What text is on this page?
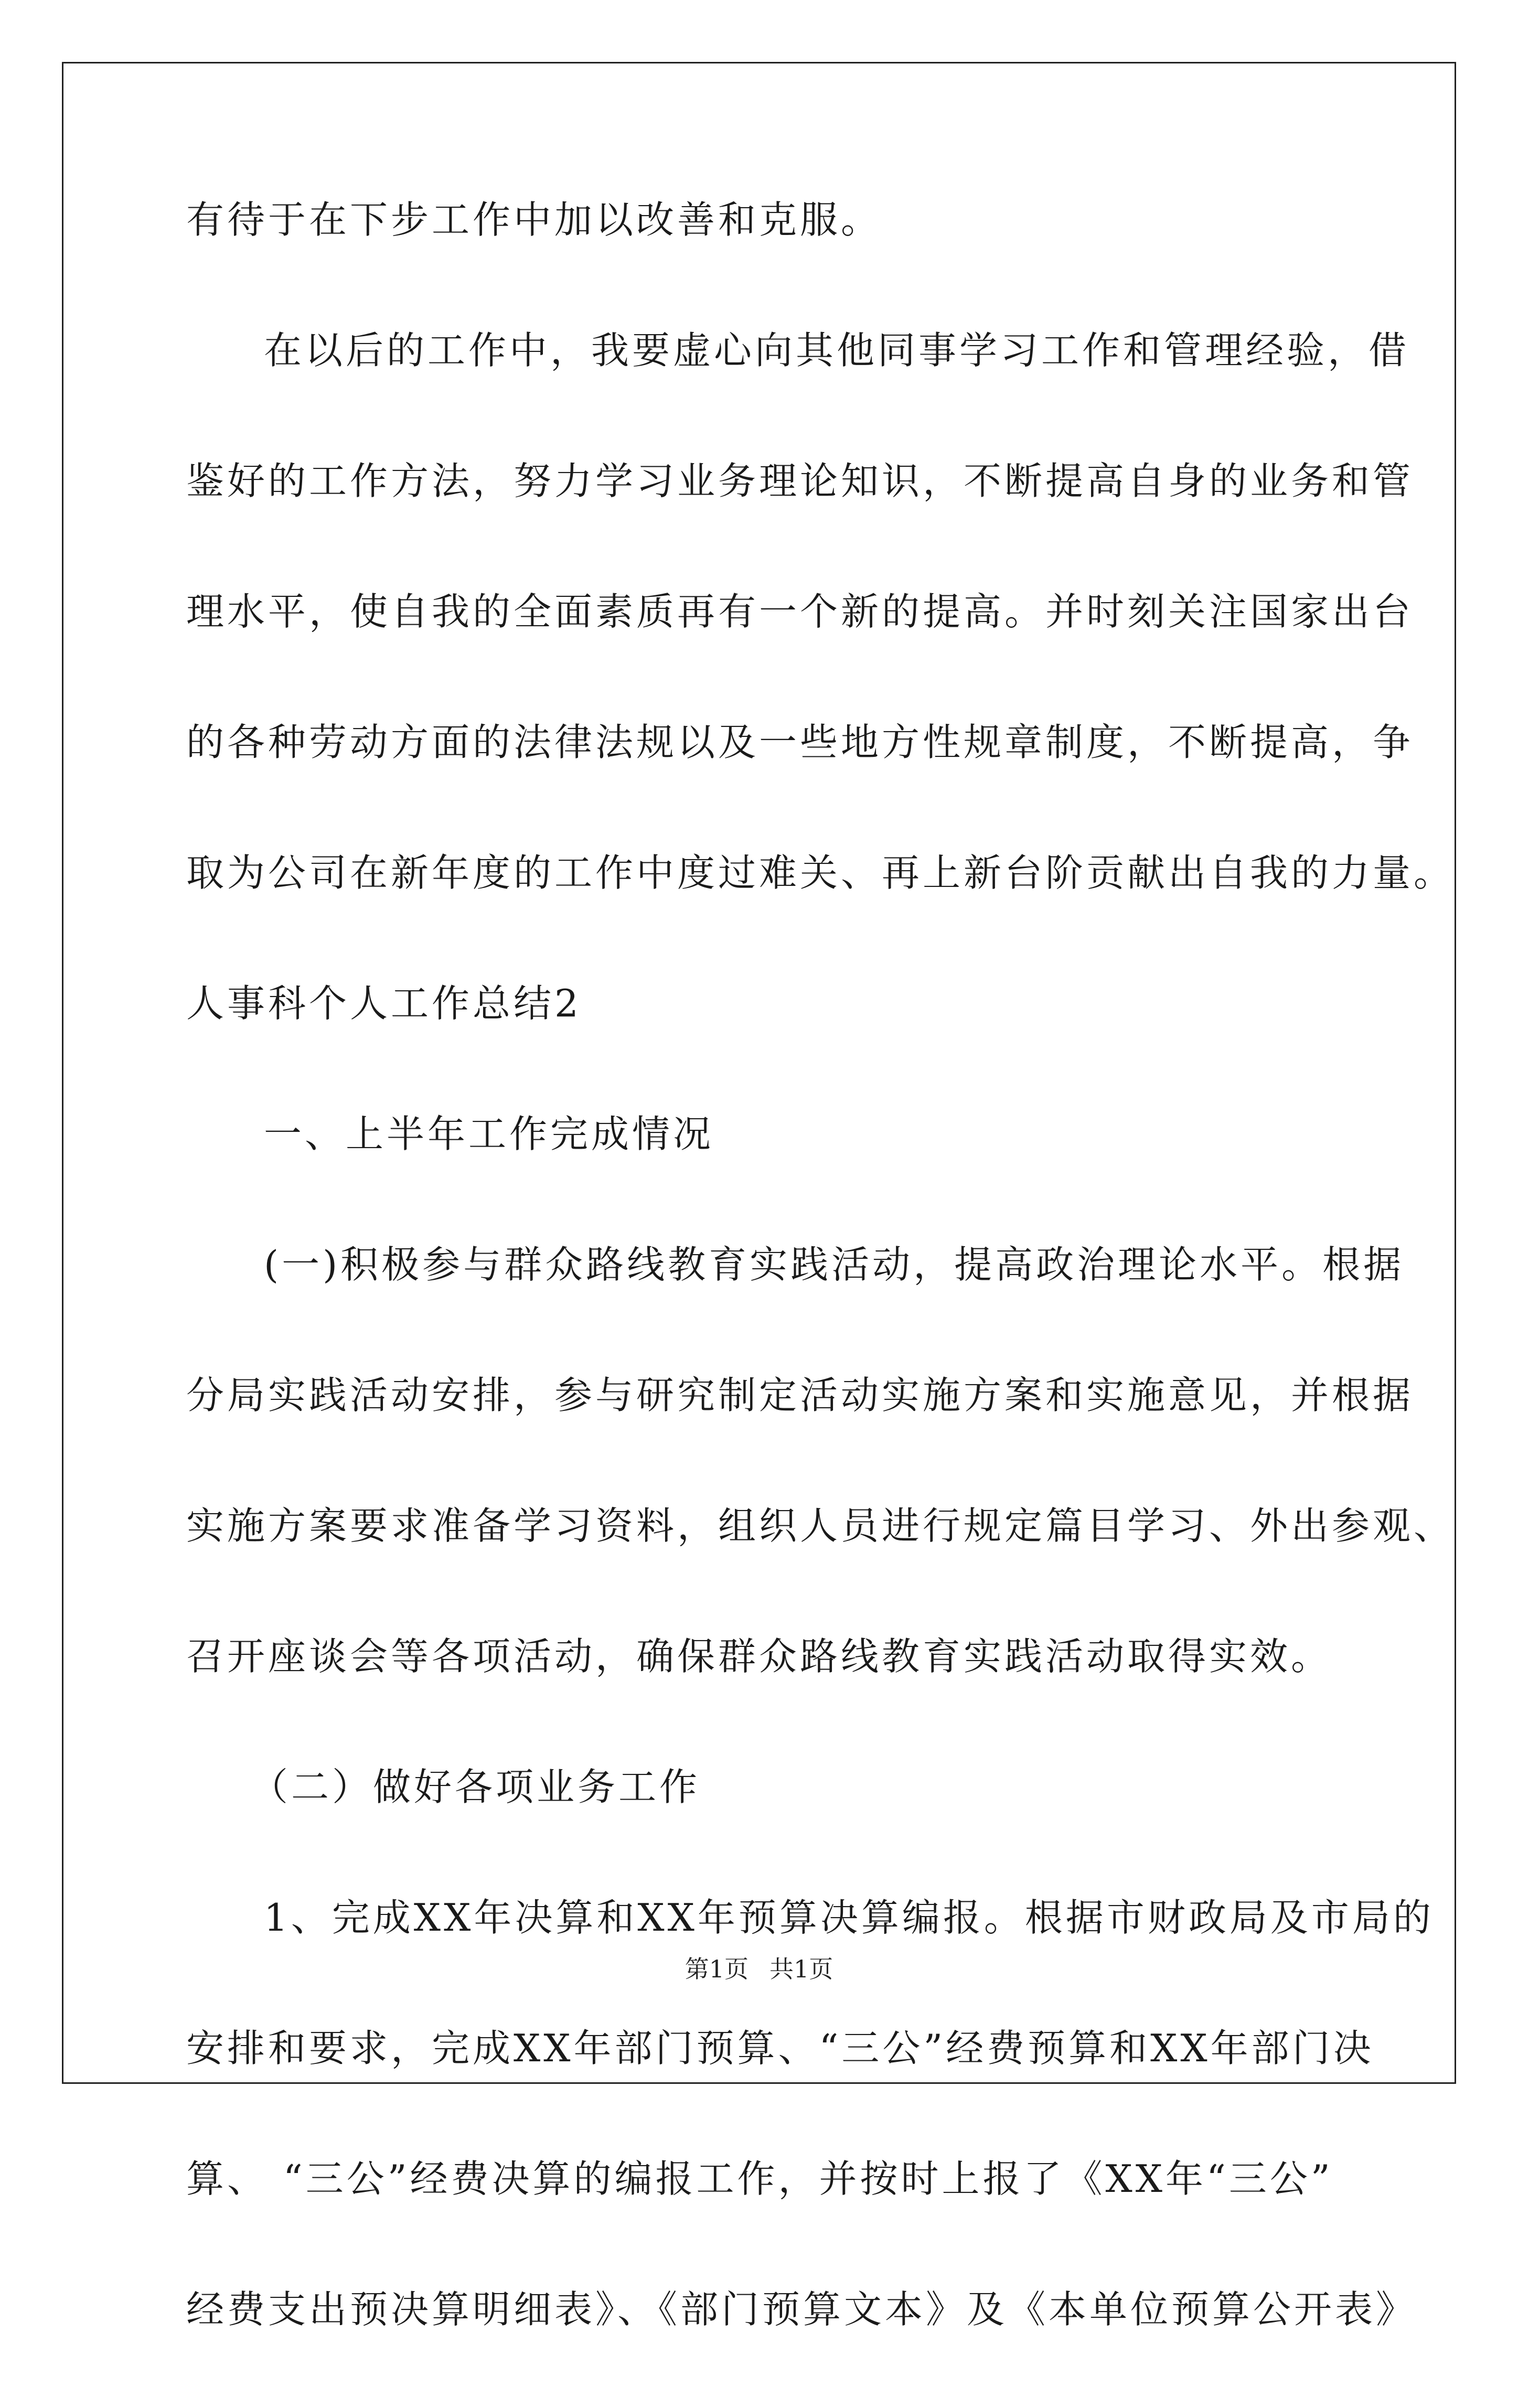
有待于在下步工作中加以改善和克服。
在以后的工作中，我要虚心向其他同事学习工作和管理经验，借
鉴好的工作方法，努力学习业务理论知识，不断提高自身的业务和管
理水平，使自我的全面素质再有一个新的提高。并时刻关注国家出台
的各种劳动方面的法律法规以及一些地方性规章制度，不断提高，争
取为公司在新年度的工作中度过难关、再上新台阶贡献出自我的力量。
人事科个人工作总结2
一、上半年工作完成情况
(一)积极参与群众路线教育实践活动，提高政治理论水平。根据
分局实践活动安排，参与研究制定活动实施方案和实施意见，并根据
实施方案要求准备学习资料，组织人员进行规定篇目学习、外出参观、
召开座谈会等各项活动，确保群众路线教育实践活动取得实效。
（二）做好各项业务工作
1、完成XX年决算和XX年预算决算编报。根据市财政局及市局的
安排和要求，完成XX年部门预算、“三公”经费预算和XX年部门决
算、 “三公”经费决算的编报工作，并按时上报了《XX年“三公”
经费支出预决算明细表》、《部门预算文本》及《本单位预算公开表》
第1页 共1页
